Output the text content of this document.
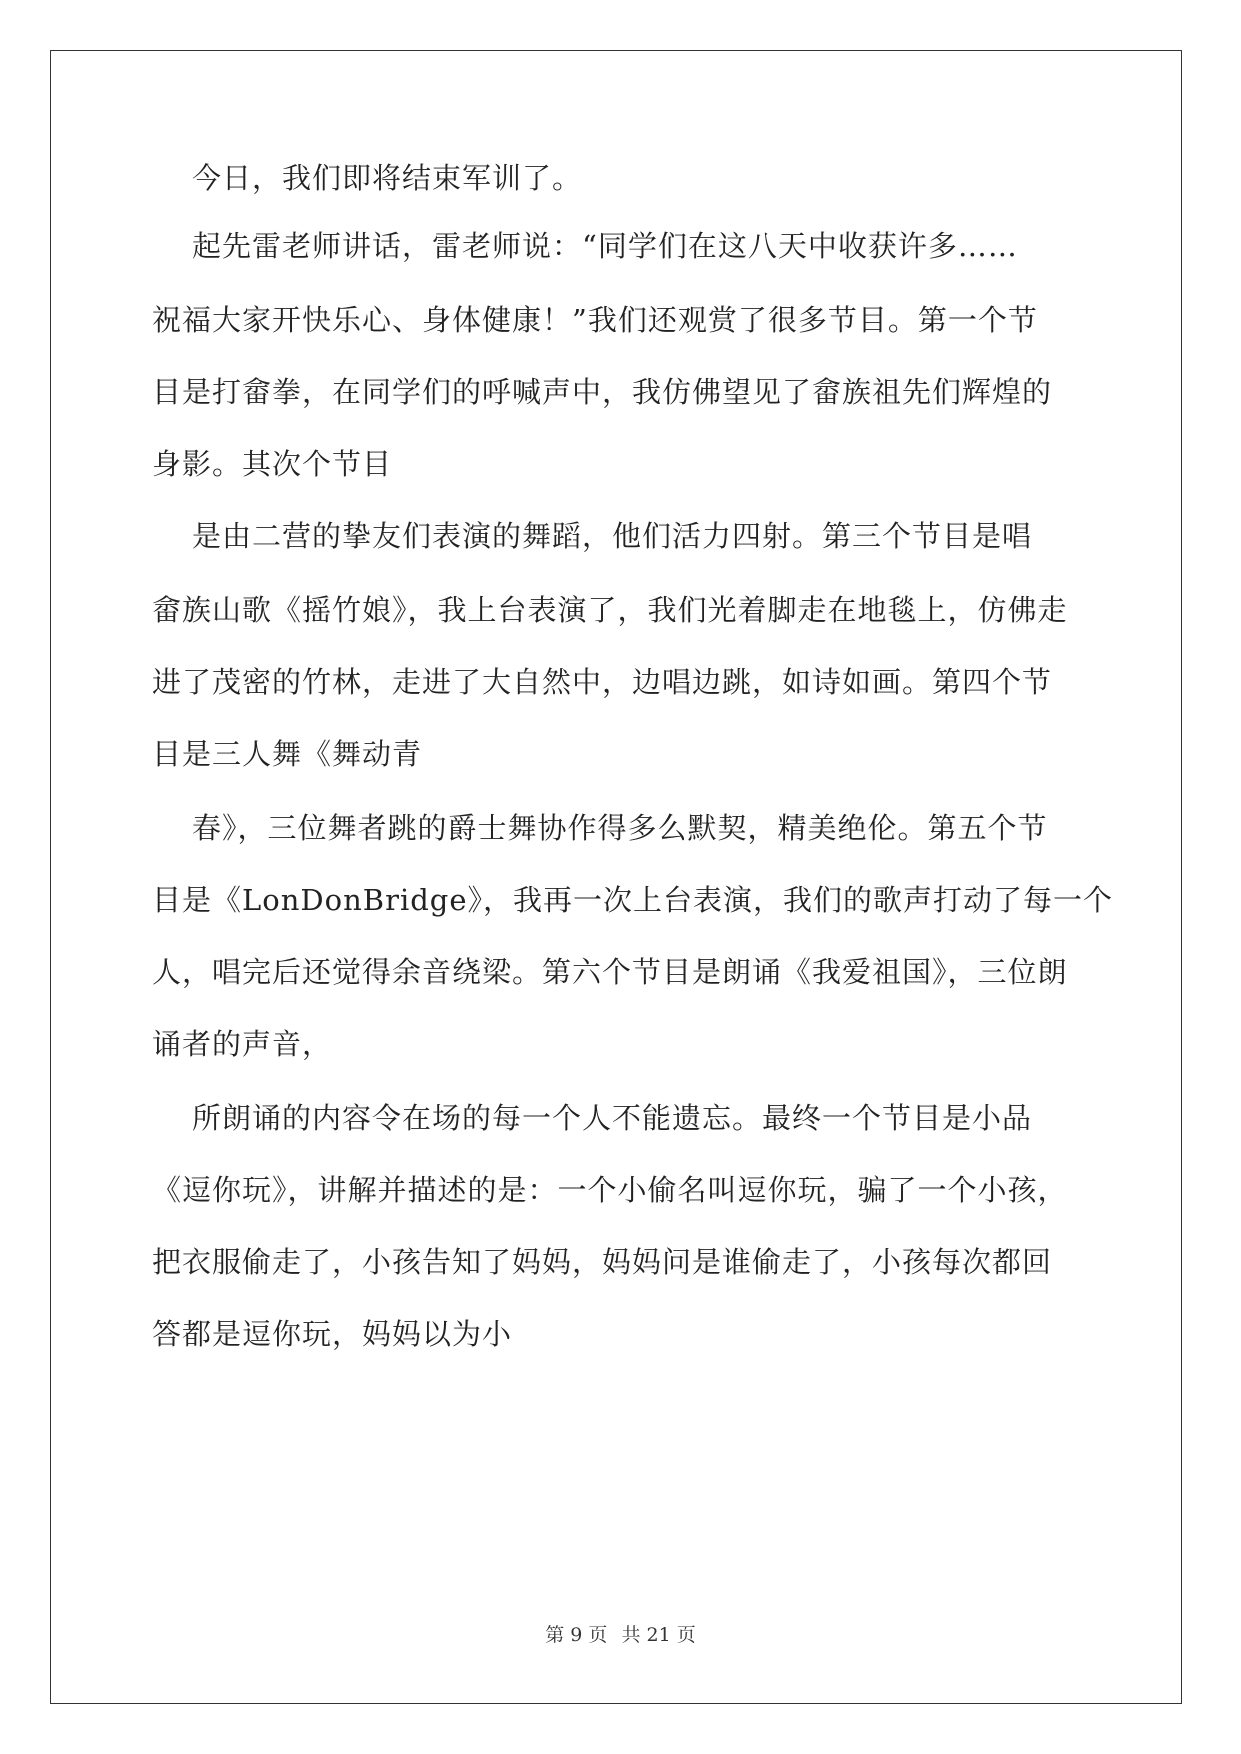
今日，我们即将结束军训了。
起先雷老师讲话，雷老师说：“同学们在这八天中收获许多……
祝福大家开快乐心、身体健康！”我们还观赏了很多节目。第一个节
目是打畲拳，在同学们的呼喊声中，我仿佛望见了畲族祖先们辉煌的
身影。其次个节目
是由二营的挚友们表演的舞蹈，他们活力四射。第三个节目是唱
畲族山歌《摇竹娘》，我上台表演了，我们光着脚走在地毯上，仿佛走
进了茂密的竹林，走进了大自然中，边唱边跳，如诗如画。第四个节
目是三人舞《舞动青
春》，三位舞者跳的爵士舞协作得多么默契，精美绝伦。第五个节
目是《LonDonBridge》，我再一次上台表演，我们的歌声打动了每一个
人，唱完后还觉得余音绕梁。第六个节目是朗诵《我爱祖国》，三位朗
诵者的声音，
所朗诵的内容令在场的每一个人不能遗忘。最终一个节目是小品
《逗你玩》，讲解并描述的是：一个小偷名叫逗你玩，骗了一个小孩，
把衣服偷走了，小孩告知了妈妈，妈妈问是谁偷走了，小孩每次都回
答都是逗你玩，妈妈以为小
第 9 页 共 21 页
